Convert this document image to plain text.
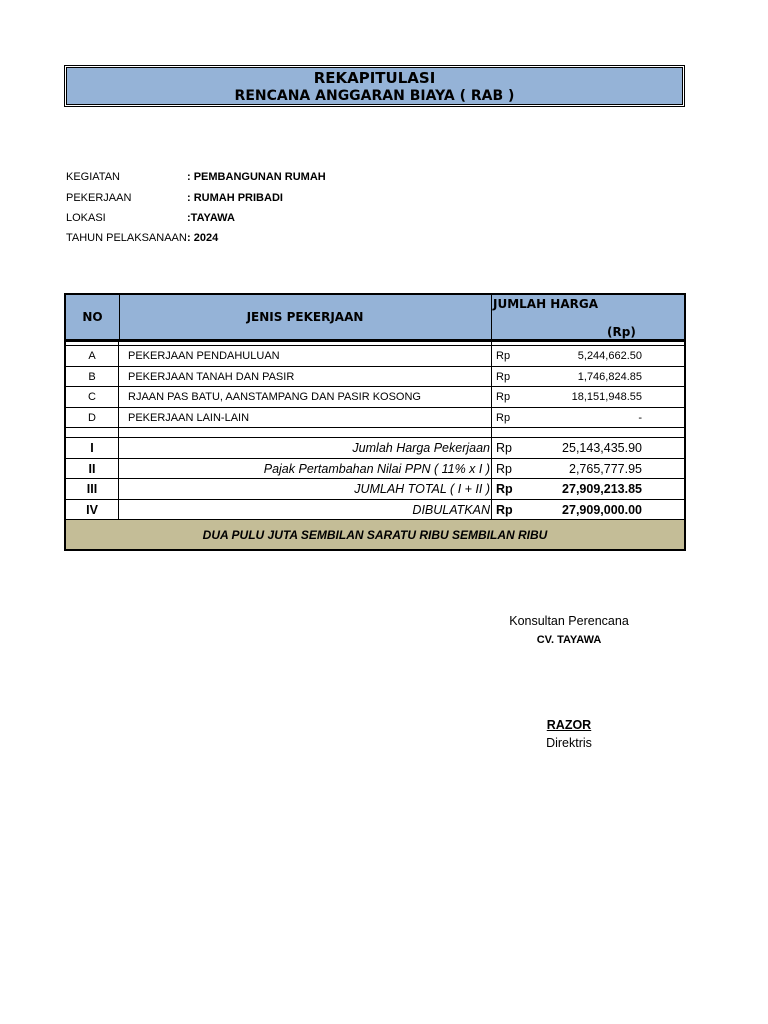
REKAPITULASI
RENCANA ANGGARAN BIAYA ( RAB )
KEGIATAN	: PEMBANGUNAN RUMAH
PEKERJAAN	: RUMAH PRIBADI
LOKASI	:TAYAWA
TAHUN PELAKSANAAN : 2024
NO	JENIS PEKERJAAN
JUMLAH HARGA
(Rp)
A	PEKERJAAN PENDAHULUAN	Rp	5,244,662.50
B	PEKERJAAN TANAH DAN PASIR	Rp	1,746,824.85
C	RJAAN PAS BATU, AANSTAMPANG DAN PASIR KOSONG	Rp	18,151,948.55
D	PEKERJAAN LAIN-LAIN	Rp	-
I	Jumlah Harga Pekerjaan Rp	25,143,435.90
II	Pajak Pertambahan Nilai PPN ( 11% x I ) Rp	2,765,777.95
III	JUMLAH TOTAL ( I + II ) Rp	27,909,213.85
IV	DIBULATKAN Rp	27,909,000.00
DUA PULU JUTA SEMBILAN SARATU RIBU SEMBILAN RIBU
Konsultan Perencana
CV. TAYAWA
RAZOR
Direktris
